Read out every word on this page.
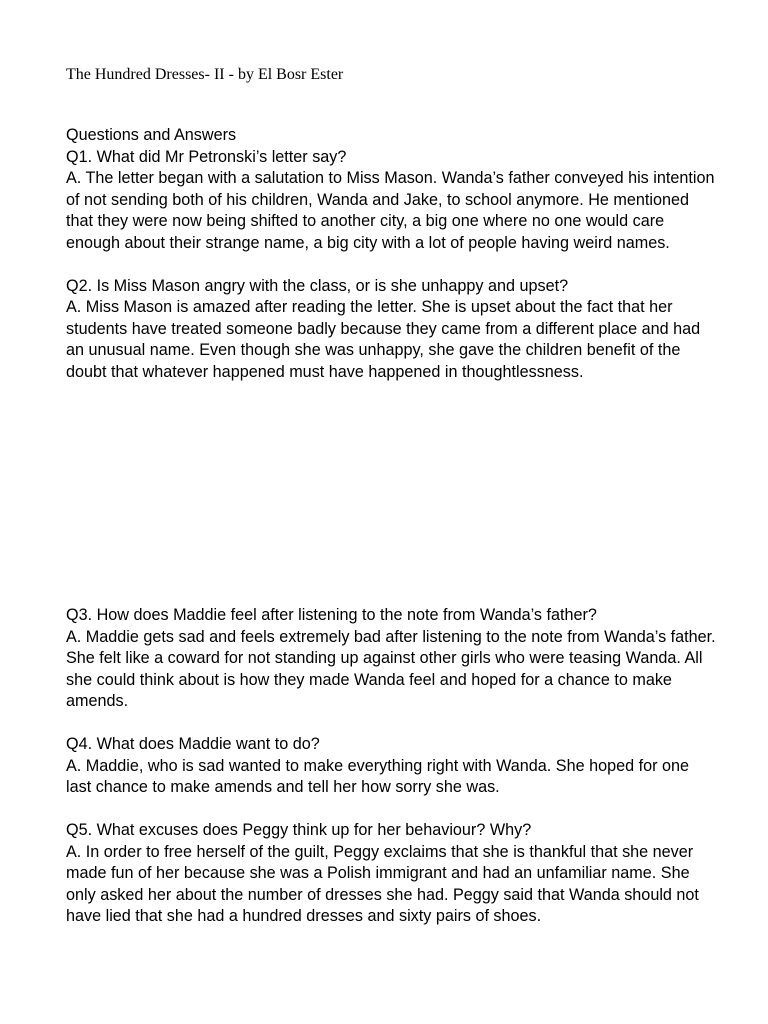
The Hundred Dresses- II - by El Bosr Ester

Questions and Answers

Q1. What did Mr Petronski’s letter say?

A. The letter began with a salutation to Miss Mason. Wanda’s father conveyed his intention of not sending both of his children, Wanda and Jake, to school anymore. He mentioned that they were now being shifted to another city, a big one where no one would care enough about their strange name, a big city with a lot of people having weird names.

Q2. Is Miss Mason angry with the class, or is she unhappy and upset?

A. Miss Mason is amazed after reading the letter. She is upset about the fact that her students have treated someone badly because they came from a different place and had an unusual name. Even though she was unhappy, she gave the children benefit of the doubt that whatever happened must have happened in thoughtlessness.

Q3. How does Maddie feel after listening to the note from Wanda’s father?

A. Maddie gets sad and feels extremely bad after listening to the note from Wanda’s father. She felt like a coward for not standing up against other girls who were teasing Wanda. All she could think about is how they made Wanda feel and hoped for a chance to make amends.

Q4. What does Maddie want to do?

A. Maddie, who is sad wanted to make everything right with Wanda. She hoped for one last chance to make amends and tell her how sorry she was.

Q5. What excuses does Peggy think up for her behaviour? Why?

A. In order to free herself of the guilt, Peggy exclaims that she is thankful that she never made fun of her because she was a Polish immigrant and had an unfamiliar name. She only asked her about the number of dresses she had. Peggy said that Wanda should not have lied that she had a hundred dresses and sixty pairs of shoes.
